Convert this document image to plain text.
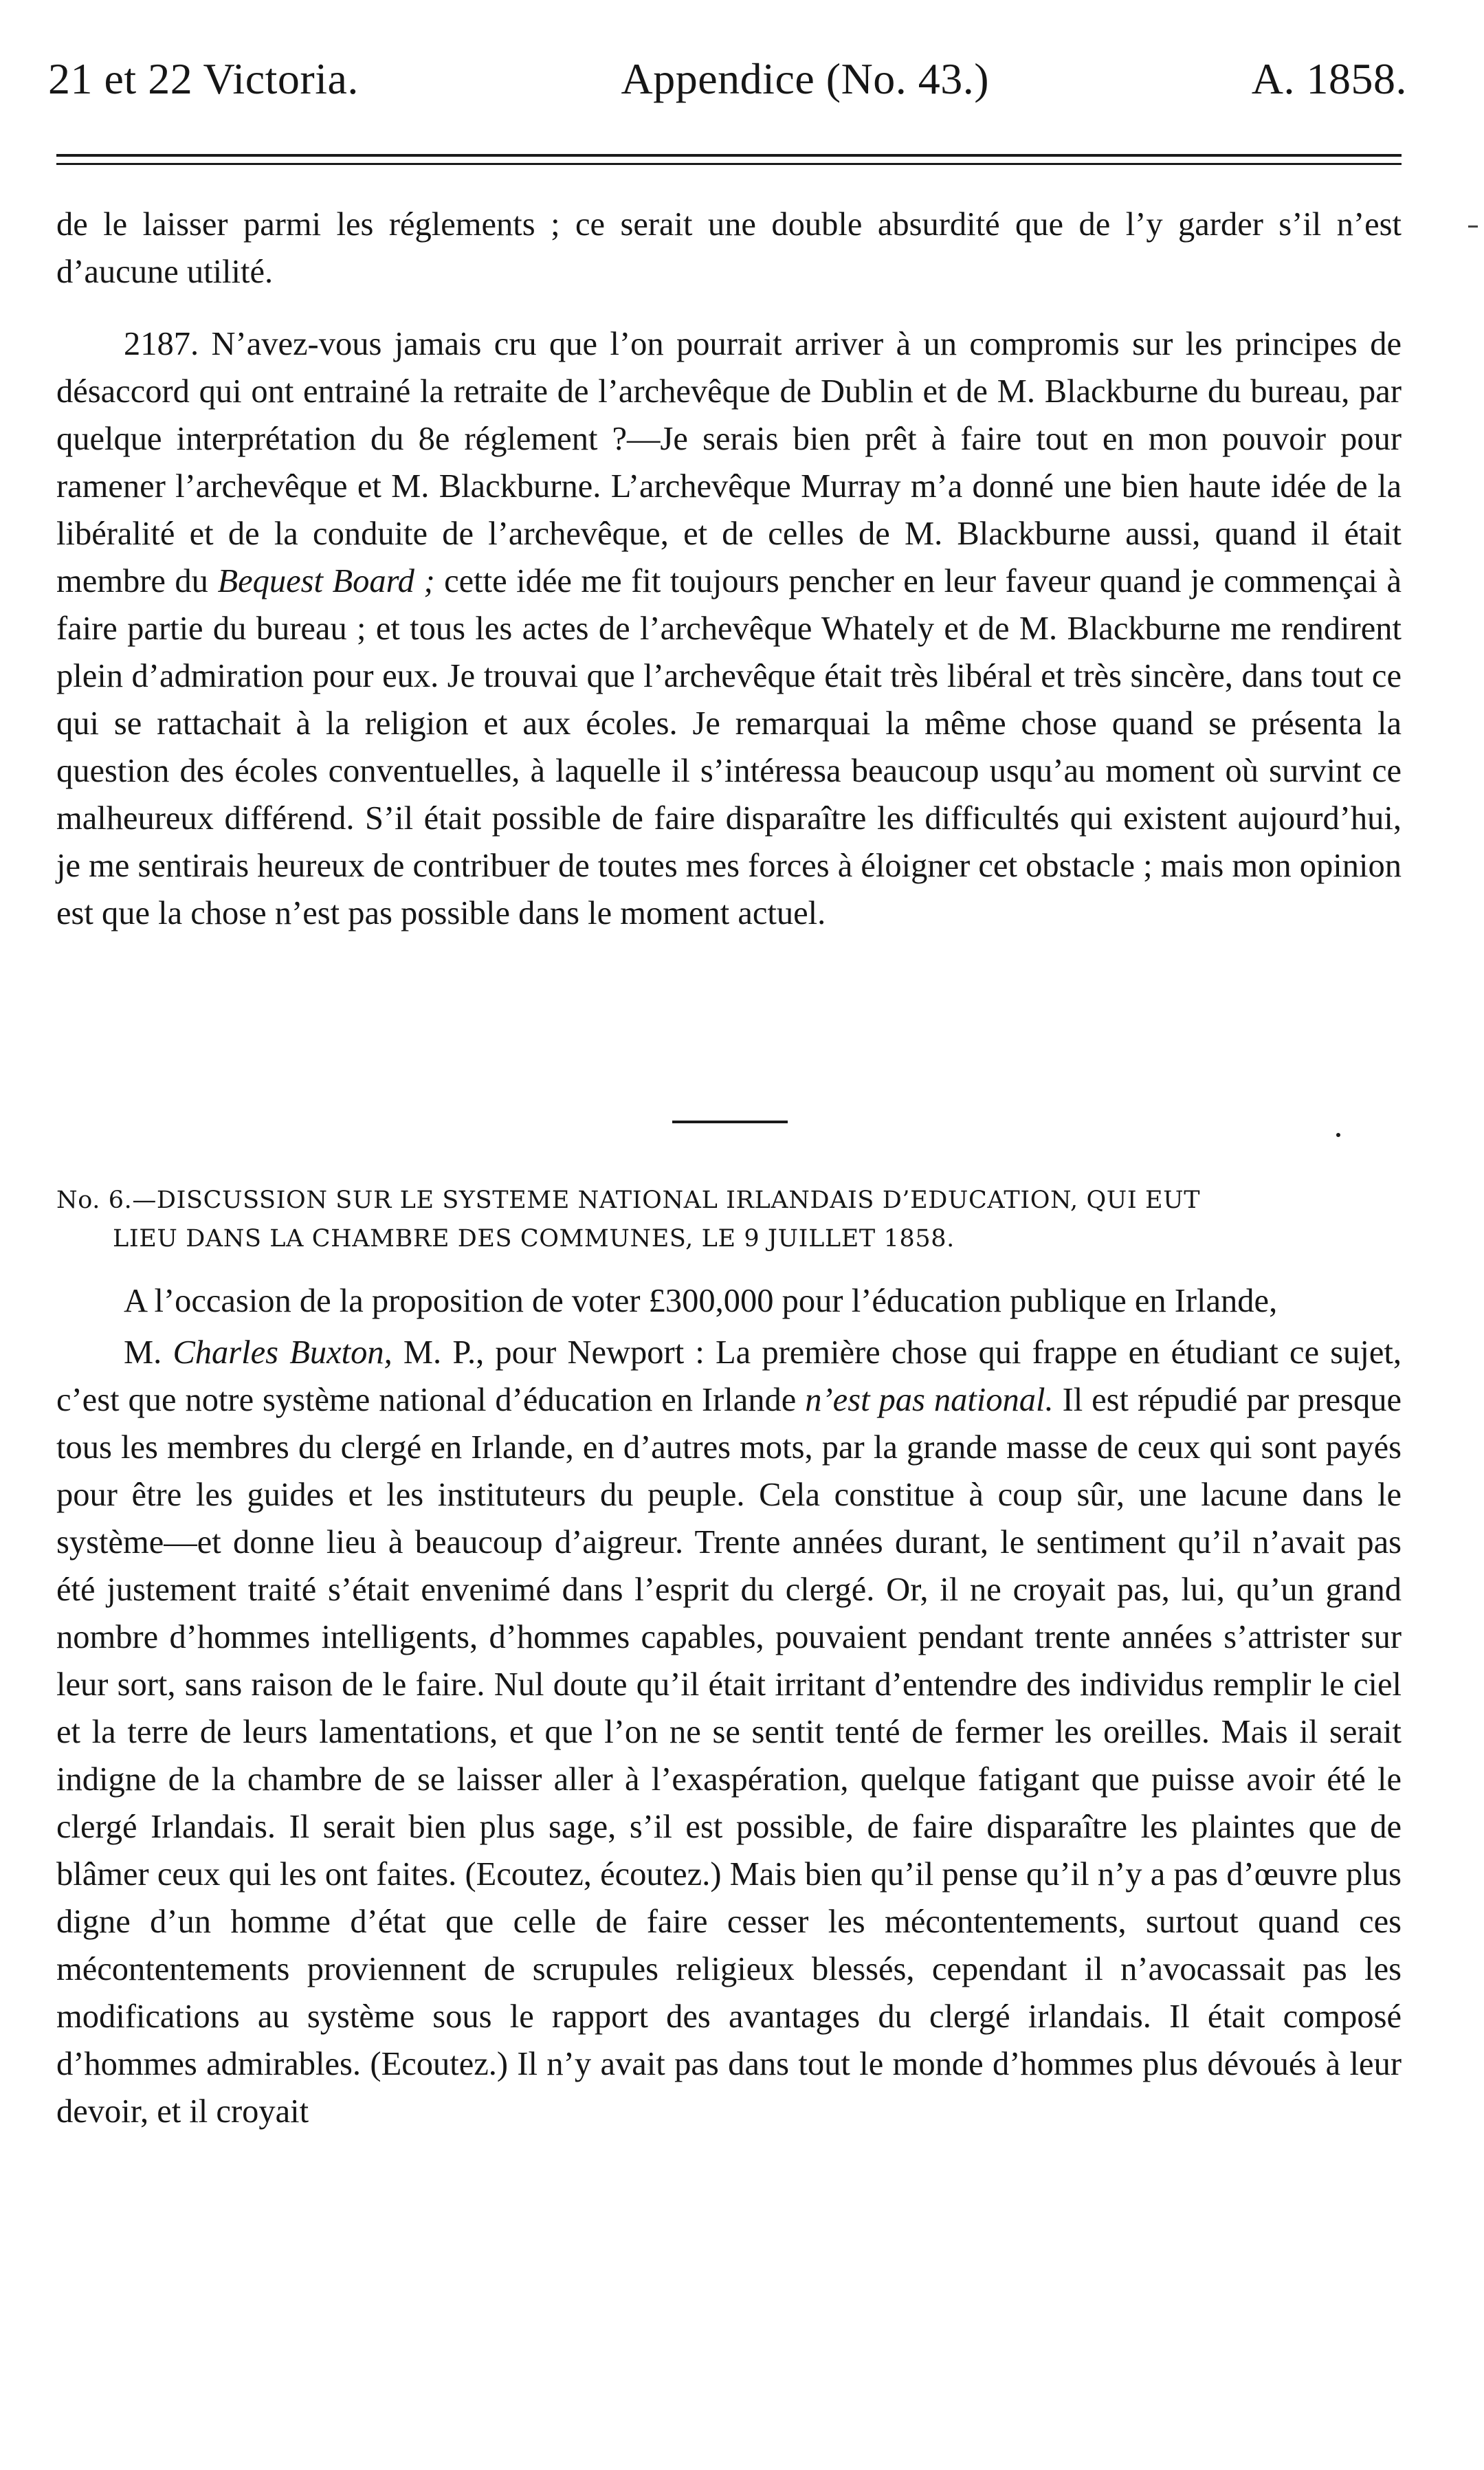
21 et 22 Victoria.	Appendice (No. 43.)	A. 1858.

de le laisser parmi les réglements ; ce serait une double absurdité que de l’y garder s’il n’est d’aucune utilité.

2187. N’avez-vous jamais cru que l’on pourrait arriver à un compromis sur les principes de désaccord qui ont entrainé la retraite de l’archevêque de Dublin et de M. Blackburne du bureau, par quelque interprétation du 8e réglement ?—Je serais bien prêt à faire tout en mon pouvoir pour ramener l’archevêque et M. Blackburne. L’archevêque Murray m’a donné une bien haute idée de la libéralité et de la conduite de l’archevêque, et de celles de M. Blackburne aussi, quand il était membre du Bequest Board ; cette idée me fit toujours pencher en leur faveur quand je commençai à faire partie du bureau ; et tous les actes de l’archevêque Whately et de M. Blackburne me rendirent plein d’admiration pour eux. Je trouvai que l’archevêque était très libéral et très sincère, dans tout ce qui se rattachait à la religion et aux écoles. Je remarquai la même chose quand se présenta la question des écoles conventuelles, à laquelle il s’intéressa beaucoup usqu’au moment où survint ce malheureux différend. S’il était possible de faire disparaître les difficultés qui existent aujourd’hui, je me sentirais heureux de contribuer de toutes mes forces à éloigner cet obstacle ; mais mon opinion est que la chose n’est pas possible dans le moment actuel.

No. 6.—DISCUSSION SUR LE SYSTEME NATIONAL IRLANDAIS D’EDUCATION, QUI EUT
LIEU DANS LA CHAMBRE DES COMMUNES, LE 9 JUILLET 1858.

A l’occasion de la proposition de voter £300,000 pour l’éducation publique en Irlande,

M. Charles Buxton, M. P., pour Newport : La première chose qui frappe en étudiant ce sujet, c’est que notre système national d’éducation en Irlande n’est pas national. Il est répudié par presque tous les membres du clergé en Irlande, en d’autres mots, par la grande masse de ceux qui sont payés pour être les guides et les instituteurs du peuple. Cela constitue à coup sûr, une lacune dans le système—et donne lieu à beaucoup d’aigreur. Trente années durant, le sentiment qu’il n’avait pas été justement traité s’était envenimé dans l’esprit du clergé. Or, il ne croyait pas, lui, qu’un grand nombre d’hommes intelligents, d’hommes capables, pouvaient pendant trente années s’attrister sur leur sort, sans raison de le faire. Nul doute qu’il était irritant d’entendre des individus remplir le ciel et la terre de leurs lamentations, et que l’on ne se sentit tenté de fermer les oreilles. Mais il serait indigne de la chambre de se laisser aller à l’exaspération, quelque fatigant que puisse avoir été le clergé Irlandais. Il serait bien plus sage, s’il est possible, de faire disparaître les plaintes que de blâmer ceux qui les ont faites. (Ecoutez, écoutez.) Mais bien qu’il pense qu’il n’y a pas d’œuvre plus digne d’un homme d’état que celle de faire cesser les mécontentements, surtout quand ces mécontentements proviennent de scrupules religieux blessés, cependant il n’avocassait pas les modifications au système sous le rapport des avantages du clergé irlandais. Il était composé d’hommes admirables. (Ecoutez.) Il n’y avait pas dans tout le monde d’hommes plus dévoués à leur devoir, et il croyait
